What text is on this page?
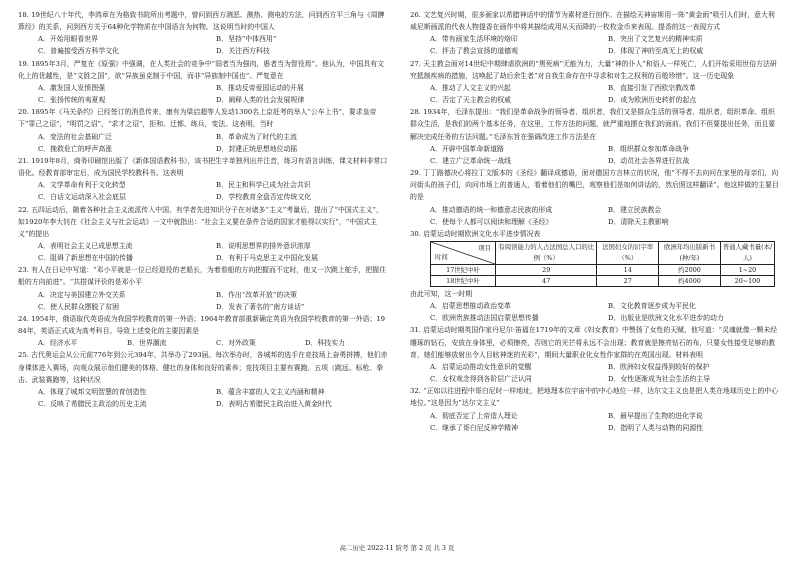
18. 19世纪八十年代，李鸿章在为格致书院所出考题中，曾问到西方测恶、测热、测电的方法，问到西方平三角与《周髀算经》的关系，问到西方关于64种化学物质在中国语言为何物。这说明当时的中国人
A．开始用眼看世界	B．坚持“中体西用”
C．普遍接受西方科学文化	D．关注西方科技
19. 1895年3月，严复在《原强》中强调，在人类社会的竞争中“弱者当为强肉，愚者当为智役焉”。他认为，中国具有文化上的优越性，是“文胜之国”，欲“异族虽克制于中国，而非“异族制中国也”。严复意在
A．激发国人发愤图强	B．推动反帝爱国运动的开展
C．张扬传统的夷夏观	D．阐释人类的社会发展规律
20. 1895年《马关条约》已经签订的消息传来，康有为梁启超等人发动1300名上京赶考的举人“公车上书”，要求皇帝下“罪己之诏”，“明罚之诏”，“求才之诏”，拒和、迁都、练兵，变法。这表明，当时
A．变法的社会基础广泛	B．革命成为了时代的主流
C．挽救危亡的呼声高涨	D．封建正统思想地位动摇
21. 1919年8月，商务印刷馆出版了《新体国语教科书》，该书把生字单独列出并注音，练习有语言训练，课文材料非常口语化。经教育部审定后，成为国民学校教科书。这表明
A．文学革命有利于文化转型	B．民主和科学已成为社会共识
C．白话文运动深入社会底层	D．学校教育全盘否定传统文化
22. 五四运动后，随着各种社会主义流派传入中国，有学者先进知识分子在对诸多“主义”考量后，提出了“中国式主义”，如1920年李大钊在《社会主义与社会运动》一文中就指出：“社会主义要在条件合适的国家才能得以实行”，“中国式主义”的提出
A．表明社会主义已成思想主流	B．说明思想界的排外意识浓厚
C．阻碍了新思想在中国的传播	D．有利于马克思主义中国化发展
23. 有人在日记中写道：“邓小平就是一位已经退役的老船长，为着看船的方向把握而不定时，他又一次跳上舵手，把握住船的方向前进”。“共搭谋评价的是邓小平
A．决定与美国建立外交关系	B．作出“改革开放”的决策
C．使人民群众摆脱了贫困	D．发表了著名的“南方谈话”
24. 1954年，俄语取代英语成为我国学校教育的第一外语；1964年教育部重新确定英语为我国学校教育的第一外语；1984年，英语正式成为高考科目。导致上述变化的主要因素是
A．经济水平	B．世界潮流	C．对外政策	D．科技实力
25. 古代奥运会从公元前776年到公元394年，共举办了293届。每次举办时，各城邦的选手在竞技场上奋勇拼搏，他们赤身裸体进入赛场，向观众展示他们健美的体格、健壮的身体和良好的素养；竞技项目主要有赛跑、五项（跳远、标枪、拳击、武装赛跑等，这种状况
A．体现了城邦文明智慧的育创造性	B．蕴含丰富的人文主义内涵和精神
C．反映了希腊民主政治的历史主流	D．表明古希腊民主政治进入黄金时代
26. 文艺复兴时期，很多画家以希腊神话中的情节为素材进行创作。在描绘天神宙斯用一阵“黄金雨”吸引人们时，意大利威尼斯画派的代表人物提香在画作中将其描绘成用从天而降的一枚枚金币来表现。提香的这一表现方式
A．带有画家生活环境的烙印	B．突出了文艺复兴的精神实质
C．抨击了教会宣扬的道德观	D．体现了神的至高无上的权威
27. 天主教会面对14世纪中期肆虐欧洲的“黑死病”无能为力，大量“神的仆人”和俗人一样死亡，人们开始采用世俗方法研究抵制疾病的措施，这唤起了劫后余生者“对自我生命存在中寻求和对生之权利的百般珍惜”。这一历史现象
A．推动了人文主义的兴起	B．直接引发了西欧宗教改革
C．否定了天主教会的权威	D．成为欧洲历史转折的起点
28. 1934年，毛泽东提出：“我们是革命战争的领导者、组织者，我们又是群众生活的领导者、组织者，组织革命、组织群众生活，是我们的两个基本任务，在这里，工作方法的问题，就严重地摆在我们的面前。我们不但要提出任务，而且要解决完成任务的方法问题。”毛泽东旨在强调改进工作方法是在
A．开辟中国革命新道路	B．组织群众参加革命战争
C．建立广泛革命统一战线	D．动员社会各界进行抗战
29. 丁丁路德决心将拉丁文版本的《圣经》翻译成德语，面对德国方言林立的状况，他“不得不去向问在家里的母亲们，向问街头的孩子们，向问市场上的普通人，看着他们的嘴巴，观察他们是如何讲话的，然后照这样翻译”。他这样做的主要目的是
A．推动德语的统一和德意志民族的形成	B．建立民族教会
C．使每个人都可以阅读和理解《圣经》	D．清除天主教影响
30. 启蒙运动时期欧洲文化水平进步情况表
项目
时间	有阅读能力的人占法国总人口的比例（%）	法国妇女的识字率（%）	欧洲年均出版新书(种/年)	普通人藏书量(本/人)
17世纪中叶	29	14	约2000	1~20
18世纪中叶	47	27	约4000	20~100
由此可知，这一时期
A．启蒙思想推动政治变革	B．文化教育逐步成为平民化
C．欧洲贵族推动法国启蒙思想传播	D．出版业是欧洲文化水平进步的动力
31. 启蒙运动时期英国作家丹尼尔·笛福在1719年的文章《妇女教育》中赞扬了女性的天赋，他写道：“灵魂就像一颗未经雕琢的钻石，安放在身体里，必须擦亮，否则它的光芒将永远不会出现；教育就是擦亮钻石的布，只要女性接受足够的教育，她们能够放射出令人目眩神迷的光彩”，期间大量职业化女性作家群的在英国出现。材料表明
A．启蒙运动推动女性意识的觉醒	B．欧洲妇女权益得到较好的保护
C．女权观念得到各阶层广泛认同	D．女性逐渐成为社会生活的主导
32. “正如以往进程中哥白尼时一样地址，把地理本位宇宙中的中心地位一样，达尔文主义也是把人类在地球历史上的中心地位。”这是因为“达尔文主义”
A．彻底否定了上帝造人理论	B．最早提出了生物的进化学说
C．继承了哥白尼反神学精神	D．指明了人类与动物的同源性
高二历史 2022-11 阶考 第 2 页 共 3 页
